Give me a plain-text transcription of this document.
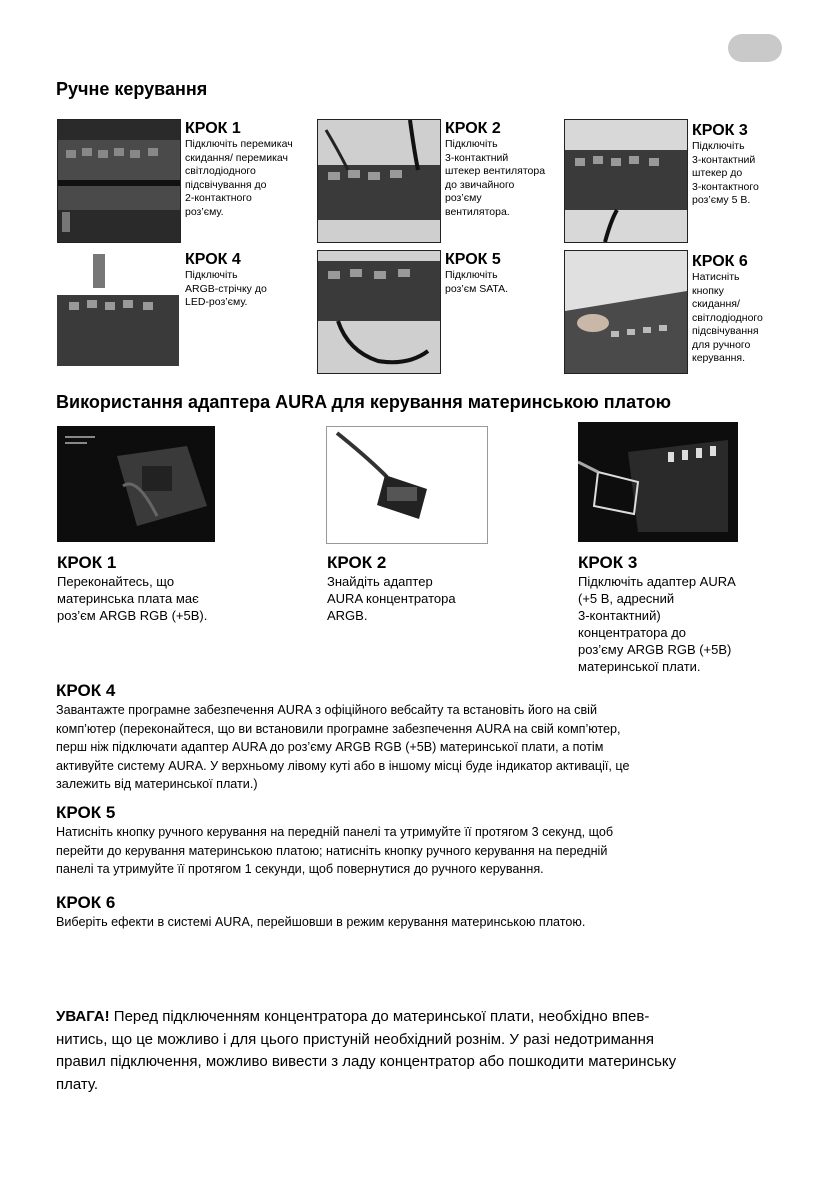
Ручне керування
КРОК 1
Підключіть перемикач
скидання/ перемикач
світлодіодного
підсвічування до
2-контактного
роз’єму.
КРОК 2
Підключіть
3-контактний
штекер вентилятора
до звичайного
роз’єму
вентилятора.
КРОК 3
Підключіть
3-контактний
штекер до
3-контактного
роз’єму 5 В.
КРОК 4
Підключіть
ARGB-стрічку до
LED-роз’єму.
КРОК 5
Підключіть
роз’єм SATA.
КРОК 6
Натисніть
кнопку
скидання/
світлодіодного
підсвічування
для ручного
керування.
Використання адаптера AURA для керування материнською платою
КРОК 1
Переконайтесь, що
материнська плата має
роз’єм ARGB RGB (+5В).
КРОК 2
Знайдіть адаптер
AURA концентратора
ARGB.
КРОК 3
Підключіть адаптер AURA
(+5 В, адресний
3-контактний)
концентратора до
роз’єму ARGB RGB (+5В)
материнської плати.
КРОК 4
Завантажте програмне забезпечення AURA з офіційного вебсайту та встановіть його на свій
комп’ютер (переконайтеся, що ви встановили програмне забезпечення AURA на свій комп’ютер,
перш ніж підключати адаптер AURA до роз’єму ARGB RGB (+5В) материнської плати, а потім
активуйте систему AURA. У верхньому лівому куті або в іншому місці буде індикатор активації, це
залежить від материнської плати.)
КРОК 5
Натисніть кнопку ручного керування на передній панелі та утримуйте її протягом 3 секунд, щоб
перейти до керування материнською платою; натисніть кнопку ручного керування на передній
панелі та утримуйте її протягом 1 секунди, щоб повернутися до ручного керування.
КРОК 6
Виберіть ефекти в системі AURA, перейшовши в режим керування материнською платою.
УВАГА! Перед підключенням концентратора до материнської плати, необхідно впев-
нитись, що це можливо і для цього пристуній необхідний рознім. У разі недотримання
правил підключення, можливо вивести з ладу концентратор або пошкодити материнську
плату.
